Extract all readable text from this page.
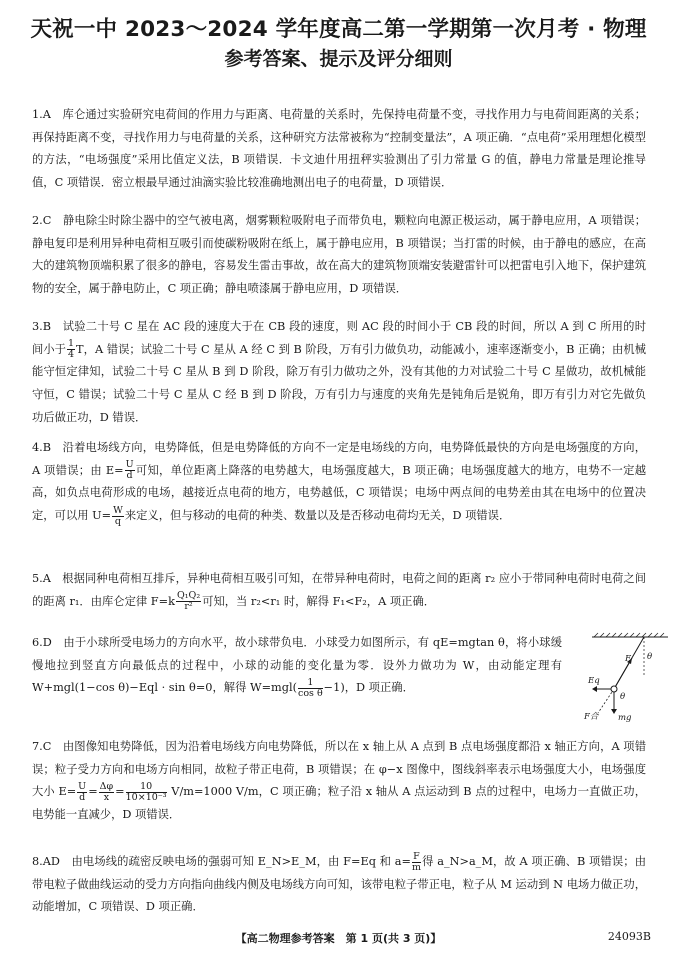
天祝一中 2023～2024 学年度高二第一学期第一次月考 · 物理
参考答案、提示及评分细则
1.A　库仑通过实验研究电荷间的作用力与距离、电荷量的关系时，先保持电荷量不变，寻找作用力与电荷间距离的关系；再保持距离不变，寻找作用力与电荷量的关系，这种研究方法常被称为“控制变量法”，A 项正确．“点电荷”采用理想化模型的方法，“电场强度”采用比值定义法，B 项错误．卡文迪什用扭秤实验测出了引力常量 G 的值，静电力常量是理论推导值，C 项错误．密立根最早通过油滴实验比较准确地测出电子的电荷量，D 项错误．
2.C　静电除尘时除尘器中的空气被电离，烟雾颗粒吸附电子而带负电，颗粒向电源正极运动，属于静电应用，A 项错误；静电复印是利用异种电荷相互吸引而使碳粉吸附在纸上，属于静电应用，B 项错误；当打雷的时候，由于静电的感应，在高大的建筑物顶端积累了很多的静电，容易发生雷击事故，故在高大的建筑物顶端安装避雷针可以把雷电引入地下，保护建筑物的安全，属于静电防止，C 项正确；静电喷漆属于静电应用，D 项错误．
3.B　试验二十号 C 星在 AC 段的速度大于在 CB 段的速度，则 AC 段的时间小于 CB 段的时间，所以 A 到 C 所用的时间小于 $\frac{1}{4}$ T，A 错误；试验二十号 C 星从 A 经 C 到 B 阶段，万有引力做负功，动能减小，速率逐渐变小，B 正确；由机械能守恒定律知，试验二十号 C 星从 B 到 D 阶段，除万有引力做功之外，没有其他的力对试验二十号 C 星做功，故机械能守恒，C 错误；试验二十号 C 星从 C 经 B 到 D 阶段，万有引力与速度的夹角先是钝角后是锐角，即万有引力对它先做负功后做正功，D 错误．
4.B　沿着电场线方向，电势降低，但是电势降低的方向不一定是电场线的方向，电势降低最快的方向是电场强度的方向，A 项错误；由 $E= \frac{U}{d}$ 可知，单位距离上降落的电势越大，电场强度越大，B 项正确；电场强度越大的地方，电势不一定越高，如负点电荷形成的电场，越接近点电荷的地方，电势越低，C 项错误；电场中两点间的电势差由其在电场中的位置决定，可以用 $U= \frac{W}{q}$ 来定义，但与移动的电荷的种类、数量以及是否移动电荷均无关，D 项错误．
5.A　根据同种电荷相互排斥，异种电荷相互吸引可知，在带异种电荷时，电荷之间的距离 r₂ 应小于带同种电荷时电荷之间的距离 r₁．由库仑定律 $F=k \frac{\text{Q₁Q₂}}{\text{r²}}$ 可知，当 r₂<r₁ 时，解得 F₁<F₂，A 项正确．
6.D　由于小球所受电场力的方向水平，故小球带负电．小球受力如图所示，有 qE=mgtan θ，将小球缓慢地拉到竖直方向最低点的过程中，小球的动能的变化量为零．设外力做功为 W，由动能定理有 W+mgl(1−cos θ)−Eql · sin θ=0，解得 $W=mgl( \frac{1}{\text{cos θ}} -1)$，D 项正确．
F θ
Eq
θ
F合 mg
7.C　由图像知电势降低，因为沿着电场线方向电势降低，所以在 x 轴上从 A 点到 B 点电场强度都沿 x 轴正方向，A 项错误；粒子受力方向和电场方向相同，故粒子带正电荷，B 项错误；在 φ−x 图像中，图线斜率表示电场强度大小，电场强度大小 $E= \frac{U}{d} = \frac{\Delta\varphi}{x} = \frac{10}{\text{10×10⁻³}} V/m=1000$ V/m，C 项正确；粒子沿 x 轴从 A 点运动到 B 点的过程中，电场力一直做正功，电势能一直减少，D 项错误．
8.AD　由电场线的疏密反映电场的强弱可知 E_N>E_M，由 F=Eq 和 $a= \frac{F}{m}$ 得 a_N>a_M，故 A 项正确、B 项错误；由带电粒子做曲线运动的受力方向指向曲线内侧及电场线方向可知，该带电粒子带正电，粒子从 M 运动到 N 电场力做正功，动能增加，C 项错误、D 项正确．
【高二物理参考答案　第 1 页(共 3 页)】	24093B
